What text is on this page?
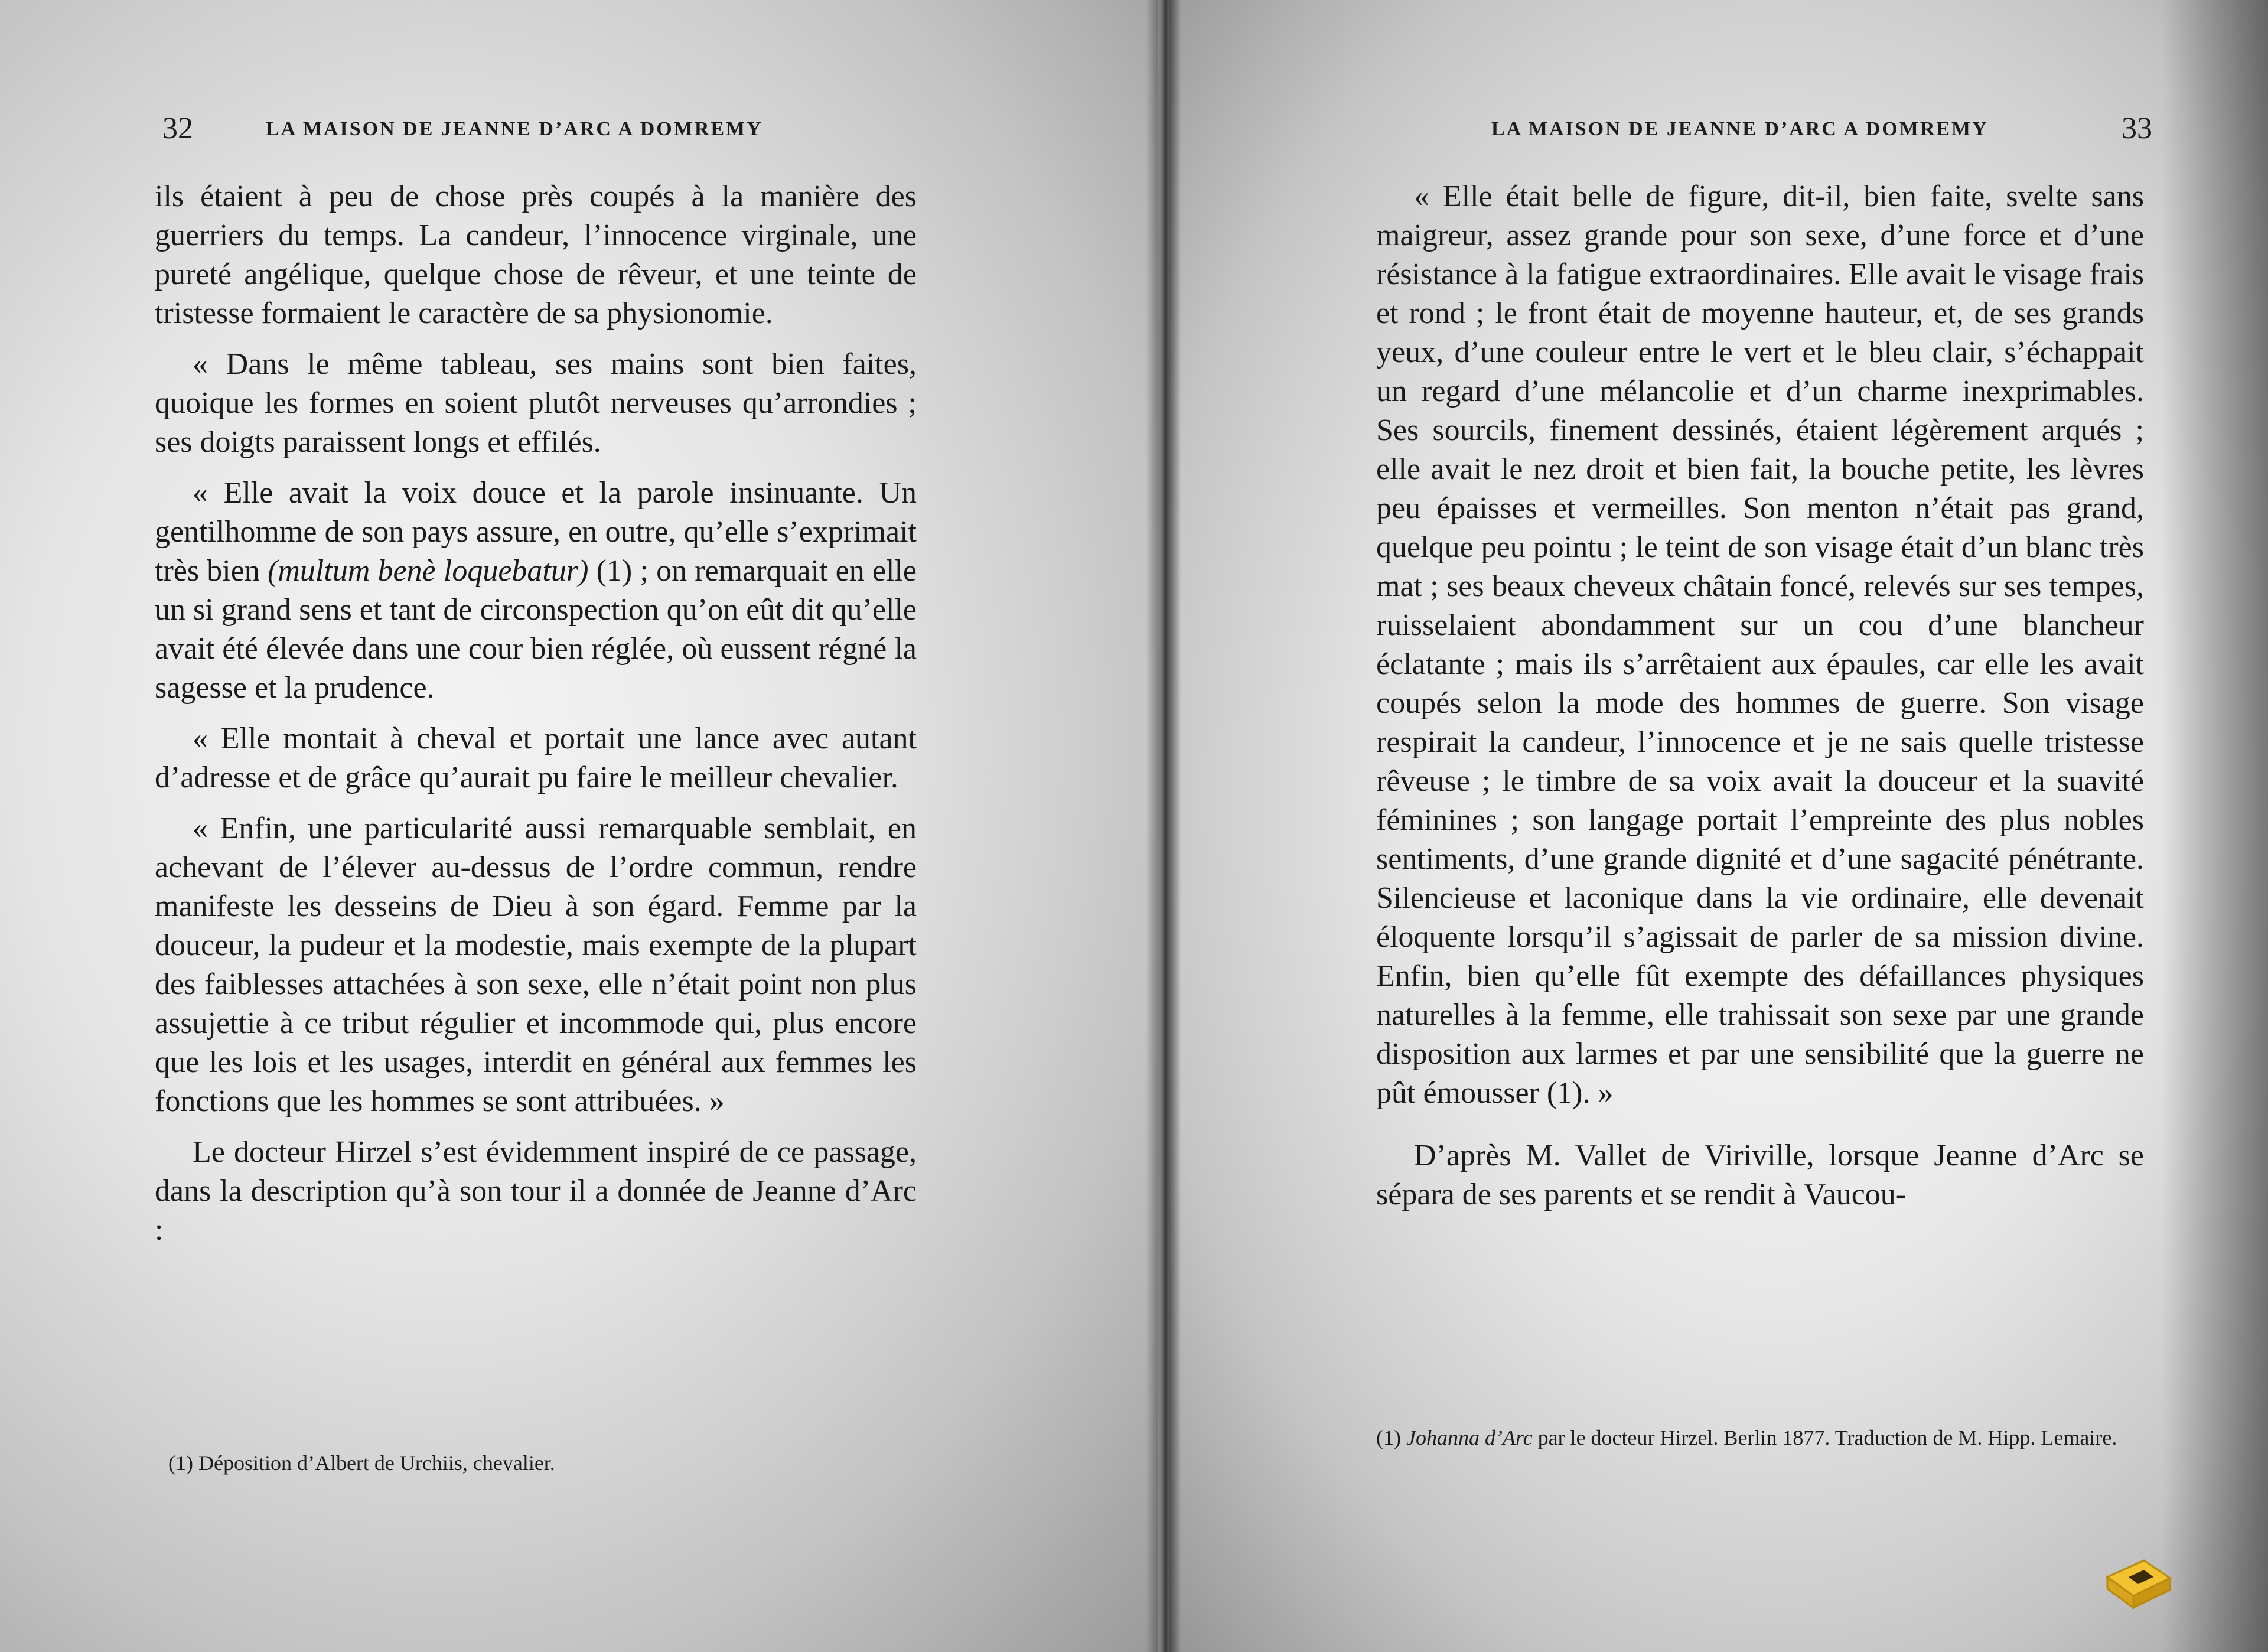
32	LA MAISON DE JEANNE D’ARC A DOMREMY

ils étaient à peu de chose près coupés à la manière des guerriers du temps. La candeur, l’innocence virginale, une pureté angélique, quelque chose de rêveur, et une teinte de tristesse formaient le caractère de sa physionomie.

« Dans le même tableau, ses mains sont bien faites, quoique les formes en soient plutôt nerveuses qu’arrondies ; ses doigts paraissent longs et effilés.

« Elle avait la voix douce et la parole insinuante. Un gentilhomme de son pays assure, en outre, qu’elle s’exprimait très bien (multum benè loquebatur) (1) ; on remarquait en elle un si grand sens et tant de circonspection qu’on eût dit qu’elle avait été élevée dans une cour bien réglée, où eussent régné la sagesse et la prudence.

« Elle montait à cheval et portait une lance avec autant d’adresse et de grâce qu’aurait pu faire le meilleur chevalier.

« Enfin, une particularité aussi remarquable semblait, en achevant de l’élever au-dessus de l’ordre commun, rendre manifeste les desseins de Dieu à son égard. Femme par la douceur, la pudeur et la modestie, mais exempte de la plupart des faiblesses attachées à son sexe, elle n’était point non plus assujettie à ce tribut régulier et incommode qui, plus encore que les lois et les usages, interdit en général aux femmes les fonctions que les hommes se sont attribuées. »

Le docteur Hirzel s’est évidemment inspiré de ce passage, dans la description qu’à son tour il a donnée de Jeanne d’Arc :

(1) Déposition d’Albert de Urchiis, chevalier.
LA MAISON DE JEANNE D’ARC A DOMREMY	33

« Elle était belle de figure, dit-il, bien faite, svelte sans maigreur, assez grande pour son sexe, d’une force et d’une résistance à la fatigue extraordinaires. Elle avait le visage frais et rond ; le front était de moyenne hauteur, et, de ses grands yeux, d’une couleur entre le vert et le bleu clair, s’échappait un regard d’une mélancolie et d’un charme inexprimables. Ses sourcils, finement dessinés, étaient légèrement arqués ; elle avait le nez droit et bien fait, la bouche petite, les lèvres peu épaisses et vermeilles. Son menton n’était pas grand, quelque peu pointu ; le teint de son visage était d’un blanc très mat ; ses beaux cheveux châtain foncé, relevés sur ses tempes, ruisselaient abondamment sur un cou d’une blancheur éclatante ; mais ils s’arrêtaient aux épaules, car elle les avait coupés selon la mode des hommes de guerre. Son visage respirait la candeur, l’innocence et je ne sais quelle tristesse rêveuse ; le timbre de sa voix avait la douceur et la suavité féminines ; son langage portait l’empreinte des plus nobles sentiments, d’une grande dignité et d’une sagacité pénétrante. Silencieuse et laconique dans la vie ordinaire, elle devenait éloquente lorsqu’il s’agissait de parler de sa mission divine. Enfin, bien qu’elle fût exempte des défaillances physiques naturelles à la femme, elle trahissait son sexe par une grande disposition aux larmes et par une sensibilité que la guerre ne pût émousser (1). »

D’après M. Vallet de Viriville, lorsque Jeanne d’Arc se sépara de ses parents et se rendit à Vaucou-

(1) Johanna d’Arc par le docteur Hirzel. Berlin 1877. Traduction de M. Hipp. Lemaire.
